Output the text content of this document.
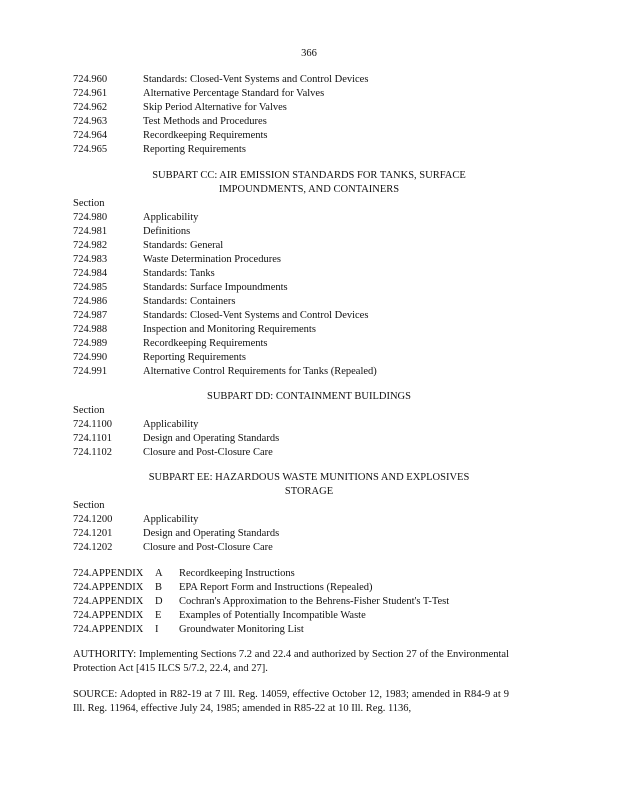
366
724.960	Standards: Closed-Vent Systems and Control Devices
724.961	Alternative Percentage Standard for Valves
724.962	Skip Period Alternative for Valves
724.963	Test Methods and Procedures
724.964	Recordkeeping Requirements
724.965	Reporting Requirements
SUBPART CC: AIR EMISSION STANDARDS FOR TANKS, SURFACE
IMPOUNDMENTS, AND CONTAINERS
Section
724.980	Applicability
724.981	Definitions
724.982	Standards: General
724.983	Waste Determination Procedures
724.984	Standards: Tanks
724.985	Standards: Surface Impoundments
724.986	Standards: Containers
724.987	Standards: Closed-Vent Systems and Control Devices
724.988	Inspection and Monitoring Requirements
724.989	Recordkeeping Requirements
724.990	Reporting Requirements
724.991	Alternative Control Requirements for Tanks (Repealed)
SUBPART DD: CONTAINMENT BUILDINGS
Section
724.1100	Applicability
724.1101	Design and Operating Standards
724.1102	Closure and Post-Closure Care
SUBPART EE: HAZARDOUS WASTE MUNITIONS AND EXPLOSIVES
STORAGE
Section
724.1200	Applicability
724.1201	Design and Operating Standards
724.1202	Closure and Post-Closure Care
724.APPENDIX A Recordkeeping Instructions
724.APPENDIX B EPA Report Form and Instructions (Repealed)
724.APPENDIX D Cochran's Approximation to the Behrens-Fisher Student's T-Test
724.APPENDIX E Examples of Potentially Incompatible Waste
724.APPENDIX I Groundwater Monitoring List
AUTHORITY: Implementing Sections 7.2 and 22.4 and authorized by Section 27 of the Environmental Protection Act [415 ILCS 5/7.2, 22.4, and 27].
SOURCE: Adopted in R82-19 at 7 Ill. Reg. 14059, effective October 12, 1983; amended in R84-9 at 9 Ill. Reg. 11964, effective July 24, 1985; amended in R85-22 at 10 Ill. Reg. 1136,
